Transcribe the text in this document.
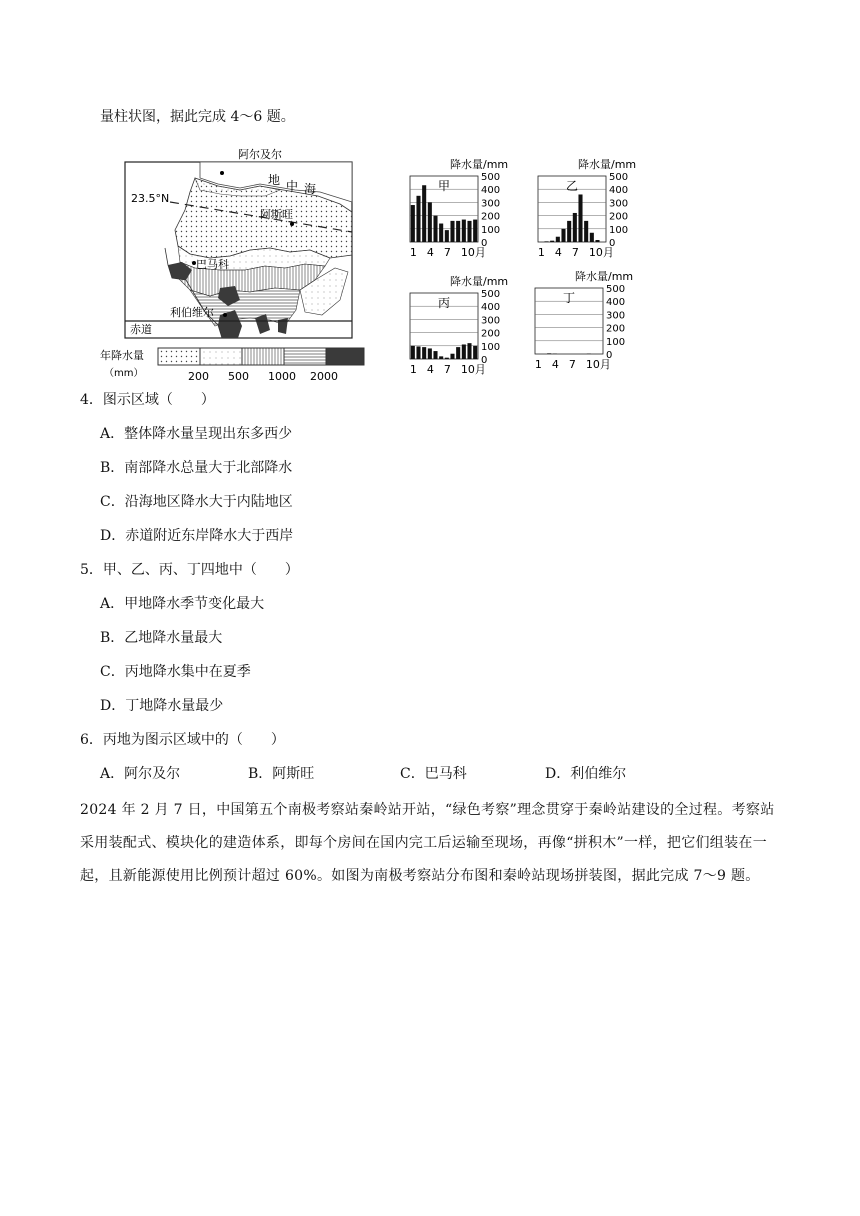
量柱状图，据此完成 4～6 题。
阿尔及尔
地 中 海
23.5°N
阿斯旺
巴马科
利伯维尔
赤道
年降水量
（mm）	200 500 1000 2000
降水量/mm
500
400
300
200
100
0
甲
1 4 7 10月
降水量/mm
500
400
300
200
100
0
乙
1 4 7 10月
降水量/mm
500
400
300
200
100
0
丙
1 4 7 10月
降水量/mm
500
400
300
200
100
0
丁
1 4 7 10月
4．图示区域（　　）
A．整体降水量呈现出东多西少
B．南部降水总量大于北部降水
C．沿海地区降水大于内陆地区
D．赤道附近东岸降水大于西岸
5．甲、乙、丙、丁四地中（　　）
A．甲地降水季节变化最大
B．乙地降水量最大
C．丙地降水集中在夏季
D．丁地降水量最少
6．丙地为图示区域中的（　　）
A．阿尔及尔	B．阿斯旺	C．巴马科	D．利伯维尔
2024 年 2 月 7 日，中国第五个南极考察站秦岭站开站，“绿色考察”理念贯穿于秦岭站建设的全过程。考察站采用装配式、模块化的建造体系，即每个房间在国内完工后运输至现场，再像“拼积木”一样，把它们组装在一起，且新能源使用比例预计超过 60%。如图为南极考察站分布图和秦岭站现场拼装图，据此完成 7～9 题。
